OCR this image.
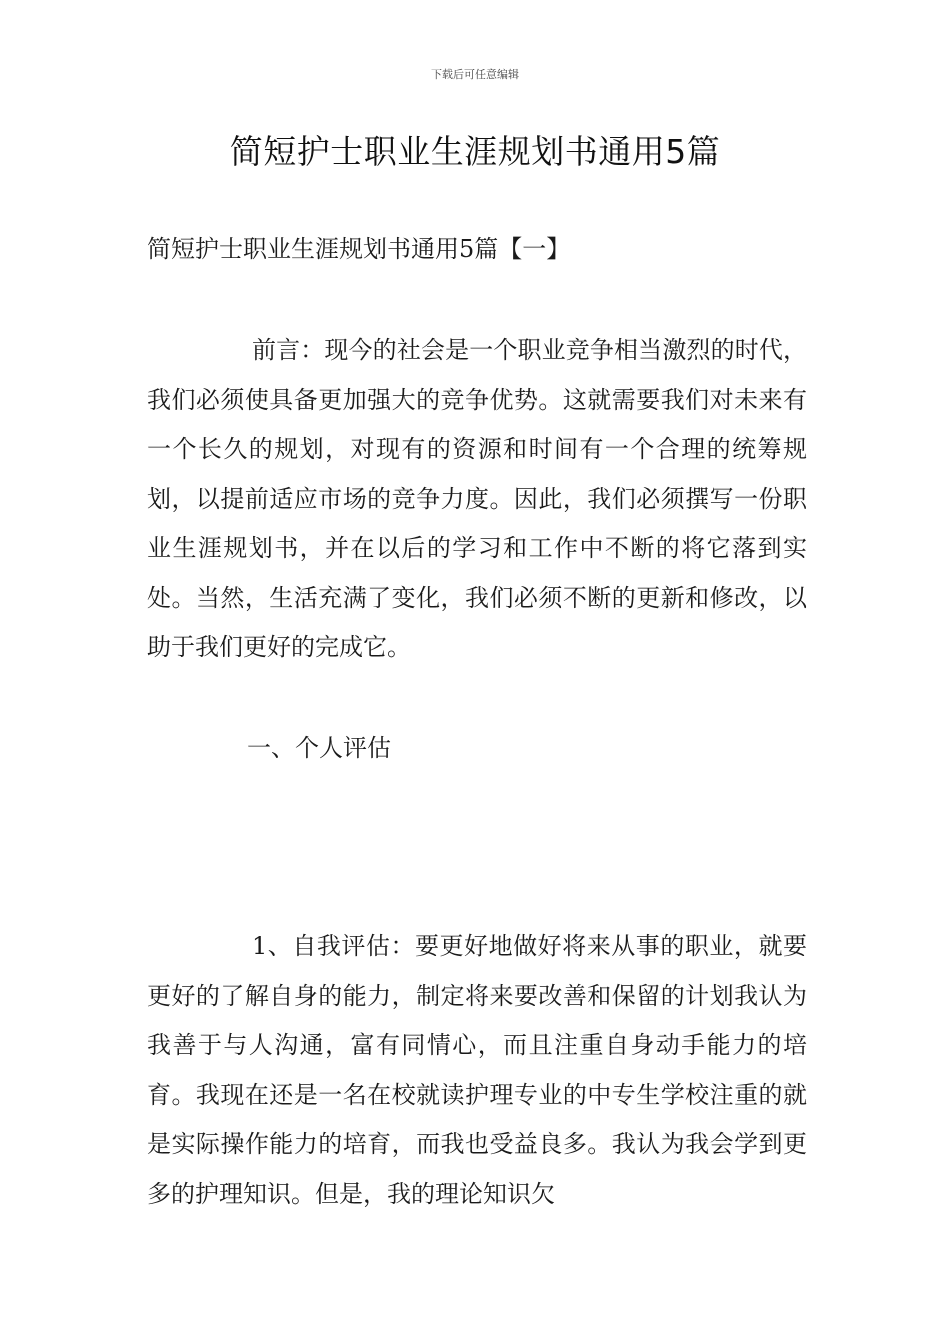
下载后可任意编辑
简短护士职业生涯规划书通用5篇
简短护士职业生涯规划书通用5篇【一】

前言：现今的社会是一个职业竞争相当激烈的时代，我们必须使具备更加强大的竞争优势。这就需要我们对未来有一个长久的规划，对现有的资源和时间有一个合理的统筹规划，以提前适应市场的竞争力度。因此，我们必须撰写一份职业生涯规划书，并在以后的学习和工作中不断的将它落到实处。当然，生活充满了变化，我们必须不断的更新和修改，以助于我们更好的完成它。

一、个人评估

1、自我评估：要更好地做好将来从事的职业，就要更好的了解自身的能力，制定将来要改善和保留的计划我认为我善于与人沟通，富有同情心，而且注重自身动手能力的培育。我现在还是一名在校就读护理专业的中专生学校注重的就是实际操作能力的培育，而我也受益良多。我认为我会学到更多的护理知识。但是，我的理论知识欠
